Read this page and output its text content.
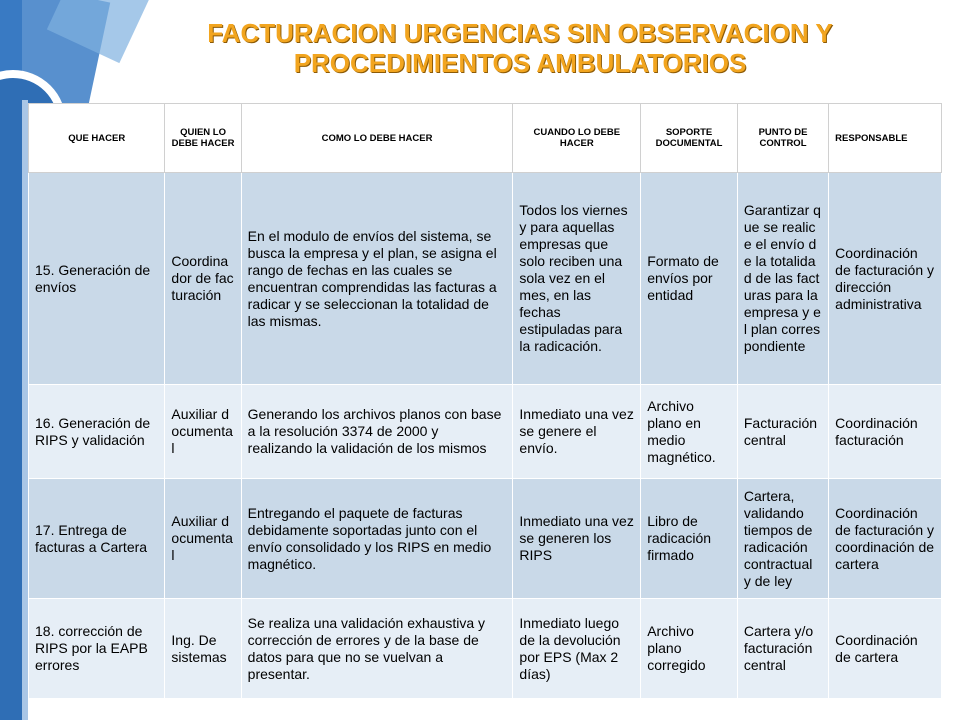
FACTURACION URGENCIAS SIN OBSERVACION Y
PROCEDIMIENTOS AMBULATORIOS
QUE HACER	QUIEN LO DEBE HACER	COMO LO DEBE HACER	CUANDO LO DEBE HACER	SOPORTE DOCUMENTAL	PUNTO DE CONTROL	RESPONSABLE
15. Generación de envíos	Coordinador de facturación	En el modulo de envíos del sistema, se busca la empresa y el plan, se asigna el rango de fechas en las cuales se encuentran comprendidas las facturas a radicar y se seleccionan la totalidad de las mismas.	Todos los viernes y para aquellas empresas que solo reciben una sola vez en el mes, en las fechas estipuladas para la radicación.	Formato de envíos por entidad	Garantizar que se realice el envío de la totalidad de las facturas para la empresa y el plan correspondiente	Coordinación de facturación y dirección administrativa
16. Generación de RIPS y validación	Auxiliar documental	Generando los archivos planos con base a la resolución 3374 de 2000 y realizando la validación de los mismos	Inmediato una vez se genere el envío.	Archivo plano en medio magnético.	Facturación central	Coordinación facturación
17. Entrega de facturas a Cartera	Auxiliar documental	Entregando el paquete de facturas debidamente soportadas junto con el envío consolidado y los RIPS en medio magnético.	Inmediato una vez se generen los RIPS	Libro de radicación firmado	Cartera, validando tiempos de radicación contractual y de ley	Coordinación de facturación y coordinación de cartera
18. corrección de RIPS por la EAPB errores	Ing. De sistemas	Se realiza una validación exhaustiva y corrección de errores y de la base de datos para que no se vuelvan a presentar.	Inmediato luego de la devolución por EPS (Max 2 días)	Archivo plano corregido	Cartera y/o facturación central	Coordinación de cartera
